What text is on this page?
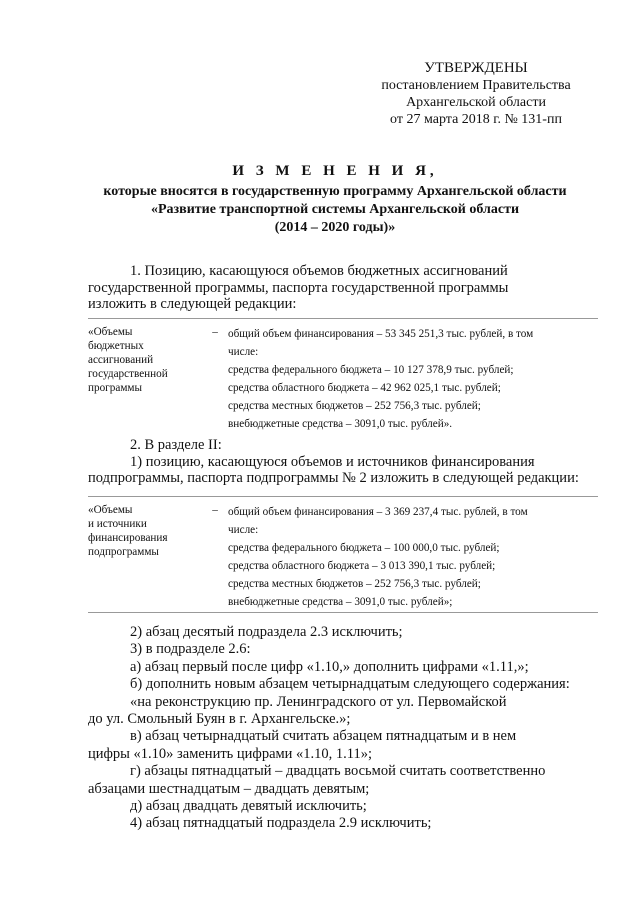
УТВЕРЖДЕНЫ
постановлением Правительства
Архангельской области
от 27 марта 2018 г. № 131-пп
И З М Е Н Е Н И Я,
которые вносятся в государственную программу Архангельской области
«Развитие транспортной системы Архангельской области
(2014 – 2020 годы)»
1. Позицию, касающуюся объемов бюджетных ассигнований
государственной программы, паспорта государственной программы
изложить в следующей редакции:
«Объемы
бюджетных
ассигнований
государственной
программы
– общий объем финансирования – 53 345 251,3 тыс. рублей, в том
числе:
средства федерального бюджета – 10 127 378,9 тыс. рублей;
средства областного бюджета – 42 962 025,1 тыс. рублей;
средства местных бюджетов – 252 756,3 тыс. рублей;
внебюджетные средства – 3091,0 тыс. рублей».
2. В разделе II:
1) позицию, касающуюся объемов и источников финансирования
подпрограммы, паспорта подпрограммы № 2 изложить в следующей редакции:
«Объемы
и источники
финансирования
подпрограммы
– общий объем финансирования – 3 369 237,4 тыс. рублей, в том
числе:
средства федерального бюджета – 100 000,0 тыс. рублей;
средства областного бюджета – 3 013 390,1 тыс. рублей;
средства местных бюджетов – 252 756,3 тыс. рублей;
внебюджетные средства – 3091,0 тыс. рублей»;
2) абзац десятый подраздела 2.3 исключить;
3) в подразделе 2.6:
а) абзац первый после цифр «1.10,» дополнить цифрами «1.11,»;
б) дополнить новым абзацем четырнадцатым следующего содержания:
«на реконструкцию пр. Ленинградского от ул. Первомайской
до ул. Смольный Буян в г. Архангельске.»;
в) абзац четырнадцатый считать абзацем пятнадцатым и в нем
цифры «1.10» заменить цифрами «1.10, 1.11»;
г) абзацы пятнадцатый – двадцать восьмой считать соответственно
абзацами шестнадцатым – двадцать девятым;
д) абзац двадцать девятый исключить;
4) абзац пятнадцатый подраздела 2.9 исключить;
